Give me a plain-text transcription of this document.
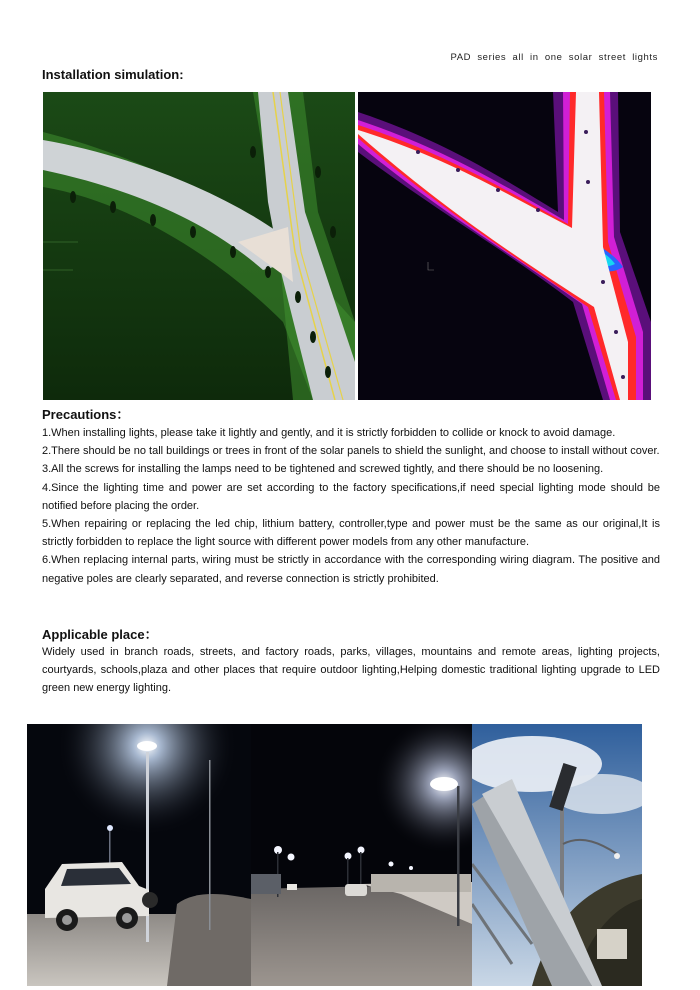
PAD series all in one solar street lights
Installation simulation:
Precautions：

1.When installing lights, please take it lightly and gently, and it is strictly forbidden to collide or knock to avoid damage.

2.There should be no tall buildings or trees in front of the solar panels to shield the sunlight, and choose to install without cover.

3.All the screws for installing the lamps need to be tightened and screwed tightly, and there should be no loosening.

4.Since the lighting time and power are set according to the factory specifications,if need special lighting mode should be notified before placing the order.

5.When repairing or replacing the led chip, lithium battery, controller,type and power must be the same as our original,It is strictly forbidden to replace the light source with different power models from any other manufacture.

6.When replacing internal parts, wiring must be strictly in accordance with the corresponding wiring diagram. The positive and negative poles are clearly separated, and reverse connection is strictly prohibited.

Applicable place：
Widely used in branch roads, streets, and factory roads, parks, villages, mountains and remote areas, lighting projects, courtyards, schools,plaza and other places that require outdoor lighting,Helping domestic traditional lighting upgrade to LED green new energy lighting.
